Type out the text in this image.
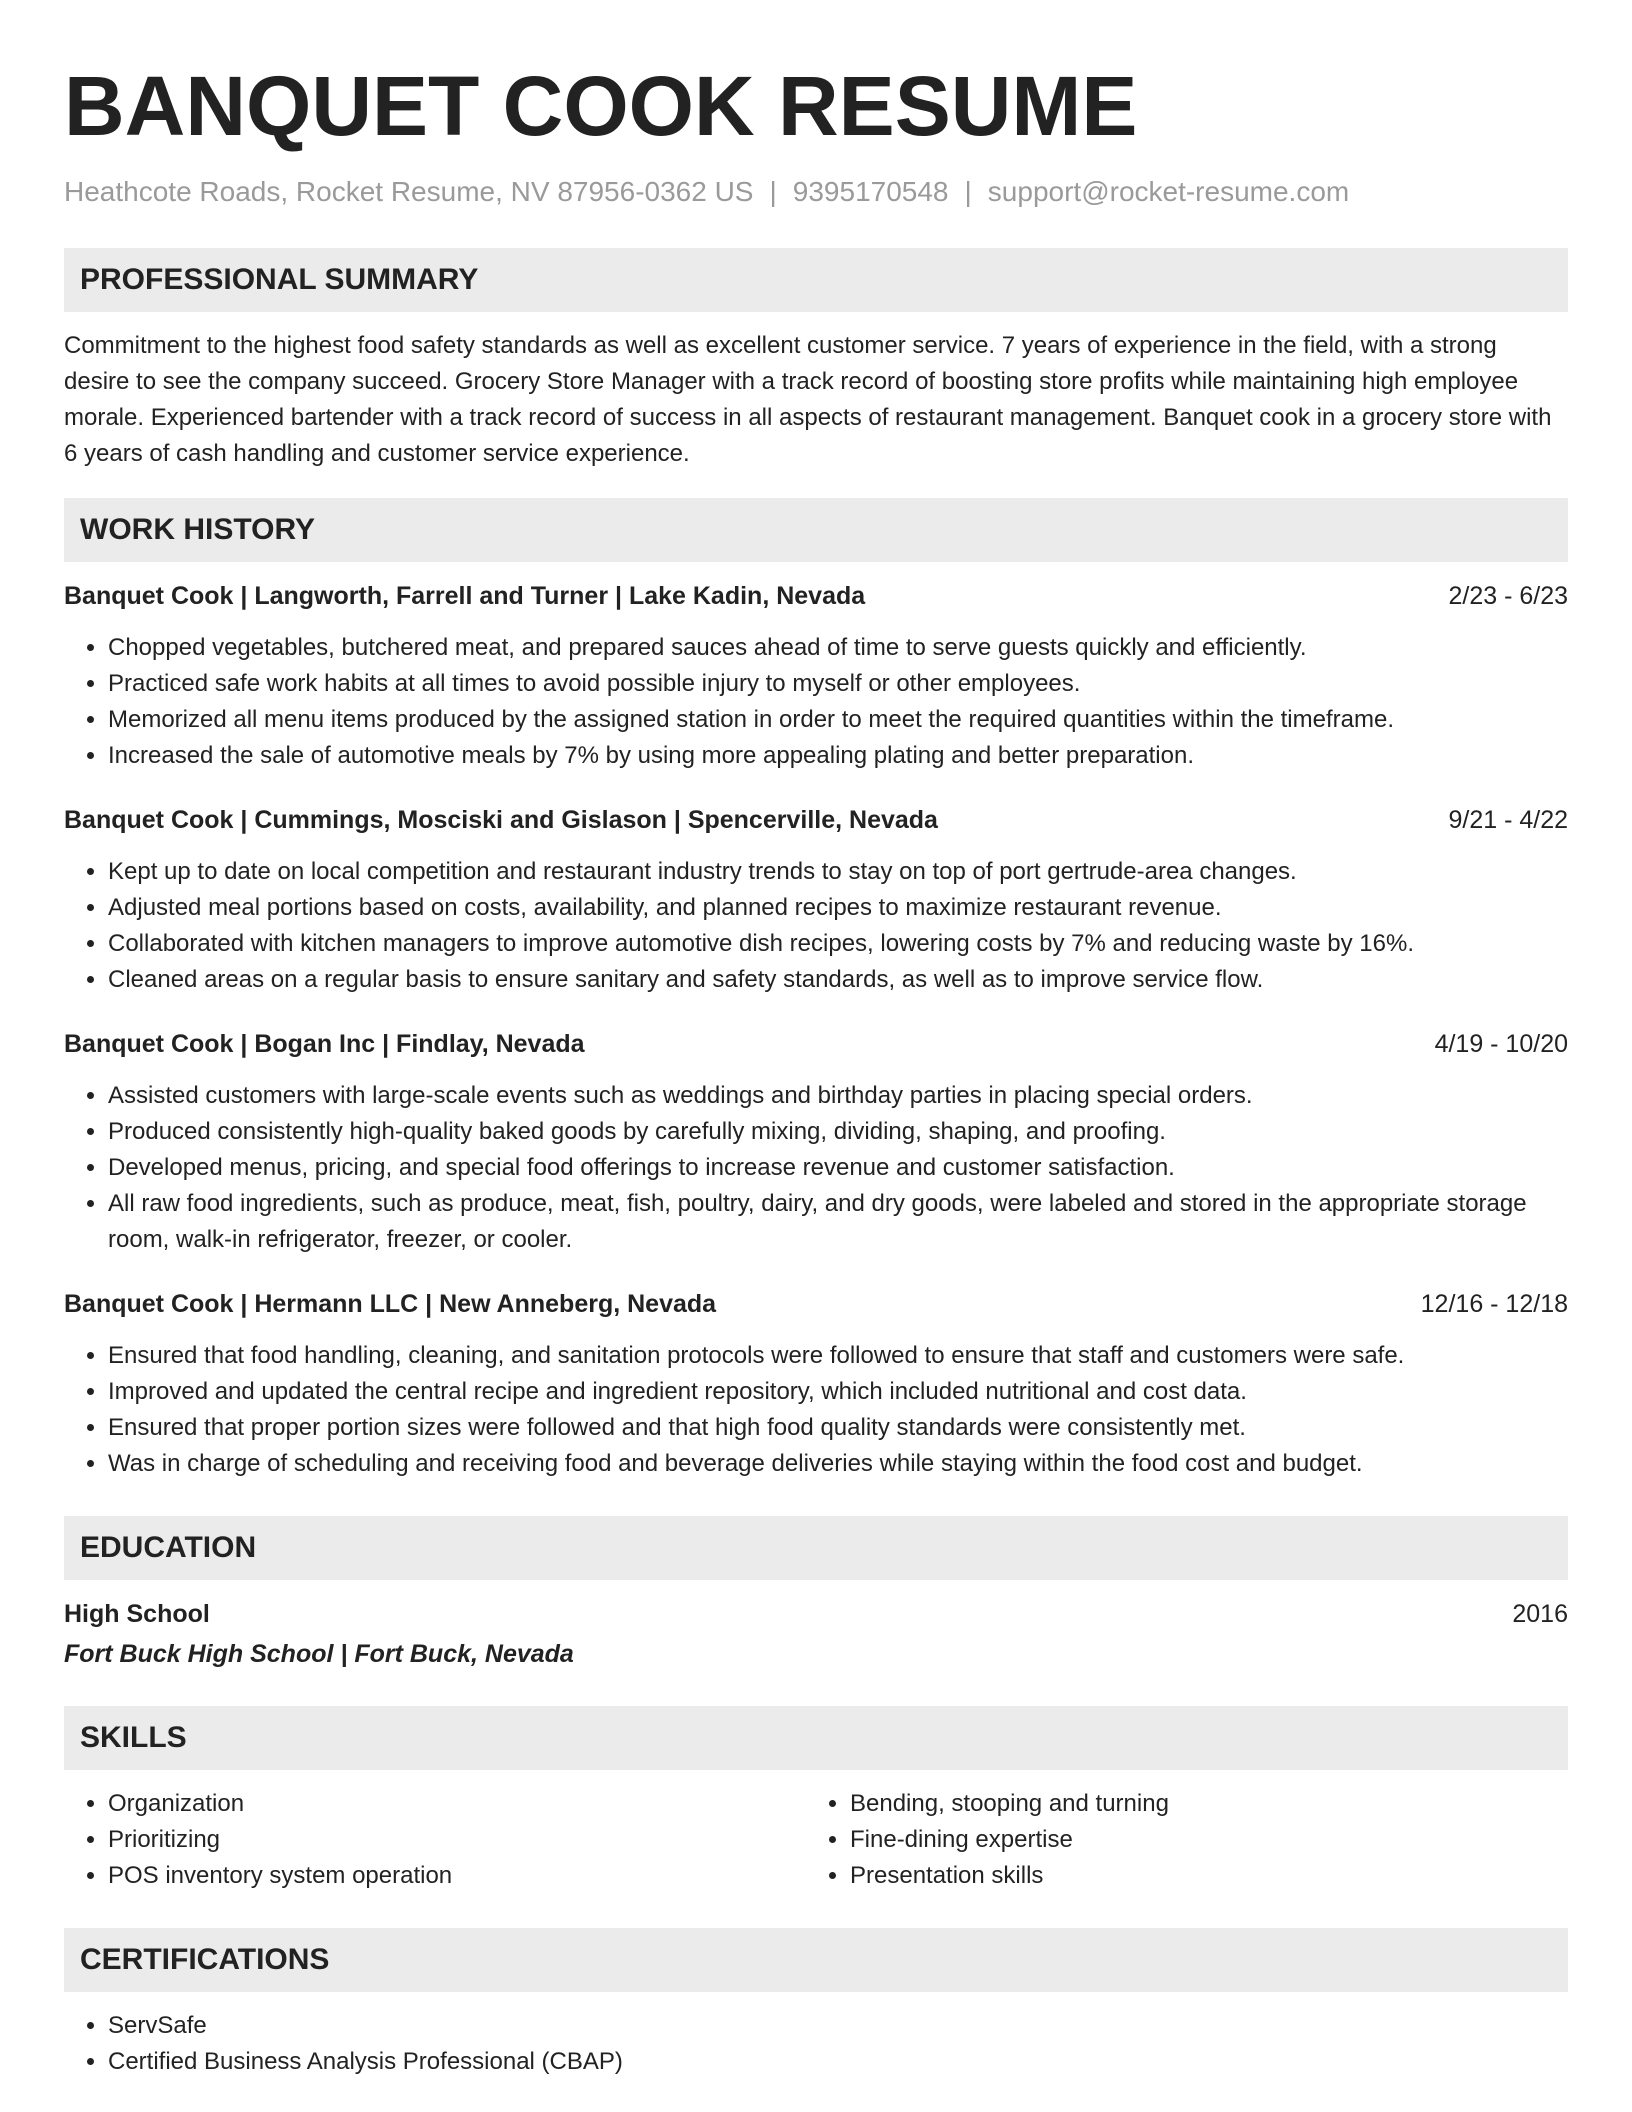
BANQUET COOK RESUME
Heathcote Roads, Rocket Resume, NV 87956-0362 US | 9395170548 | support@rocket-resume.com
PROFESSIONAL SUMMARY

Commitment to the highest food safety standards as well as excellent customer service. 7 years of experience in the field, with a strong desire to see the company succeed. Grocery Store Manager with a track record of boosting store profits while maintaining high employee morale. Experienced bartender with a track record of success in all aspects of restaurant management. Banquet cook in a grocery store with 6 years of cash handling and customer service experience.

WORK HISTORY
Banquet Cook | Langworth, Farrell and Turner | Lake Kadin, Nevada	2/23 - 6/23
• Chopped vegetables, butchered meat, and prepared sauces ahead of time to serve guests quickly and efficiently.
• Practiced safe work habits at all times to avoid possible injury to myself or other employees.
• Memorized all menu items produced by the assigned station in order to meet the required quantities within the timeframe.
• Increased the sale of automotive meals by 7% by using more appealing plating and better preparation.
Banquet Cook | Cummings, Mosciski and Gislason | Spencerville, Nevada	9/21 - 4/22
• Kept up to date on local competition and restaurant industry trends to stay on top of port gertrude-area changes.
• Adjusted meal portions based on costs, availability, and planned recipes to maximize restaurant revenue.
• Collaborated with kitchen managers to improve automotive dish recipes, lowering costs by 7% and reducing waste by 16%.
• Cleaned areas on a regular basis to ensure sanitary and safety standards, as well as to improve service flow.
Banquet Cook | Bogan Inc | Findlay, Nevada	4/19 - 10/20
• Assisted customers with large-scale events such as weddings and birthday parties in placing special orders.
• Produced consistently high-quality baked goods by carefully mixing, dividing, shaping, and proofing.
• Developed menus, pricing, and special food offerings to increase revenue and customer satisfaction.
• All raw food ingredients, such as produce, meat, fish, poultry, dairy, and dry goods, were labeled and stored in the appropriate storage room, walk-in refrigerator, freezer, or cooler.
Banquet Cook | Hermann LLC | New Anneberg, Nevada	12/16 - 12/18
• Ensured that food handling, cleaning, and sanitation protocols were followed to ensure that staff and customers were safe.
• Improved and updated the central recipe and ingredient repository, which included nutritional and cost data.
• Ensured that proper portion sizes were followed and that high food quality standards were consistently met.
• Was in charge of scheduling and receiving food and beverage deliveries while staying within the food cost and budget.
EDUCATION
High School	2016
Fort Buck High School | Fort Buck, Nevada
SKILLS
• Organization
• Prioritizing
• POS inventory system operation
• Bending, stooping and turning
• Fine-dining expertise
• Presentation skills
CERTIFICATIONS
• ServSafe
• Certified Business Analysis Professional (CBAP)
